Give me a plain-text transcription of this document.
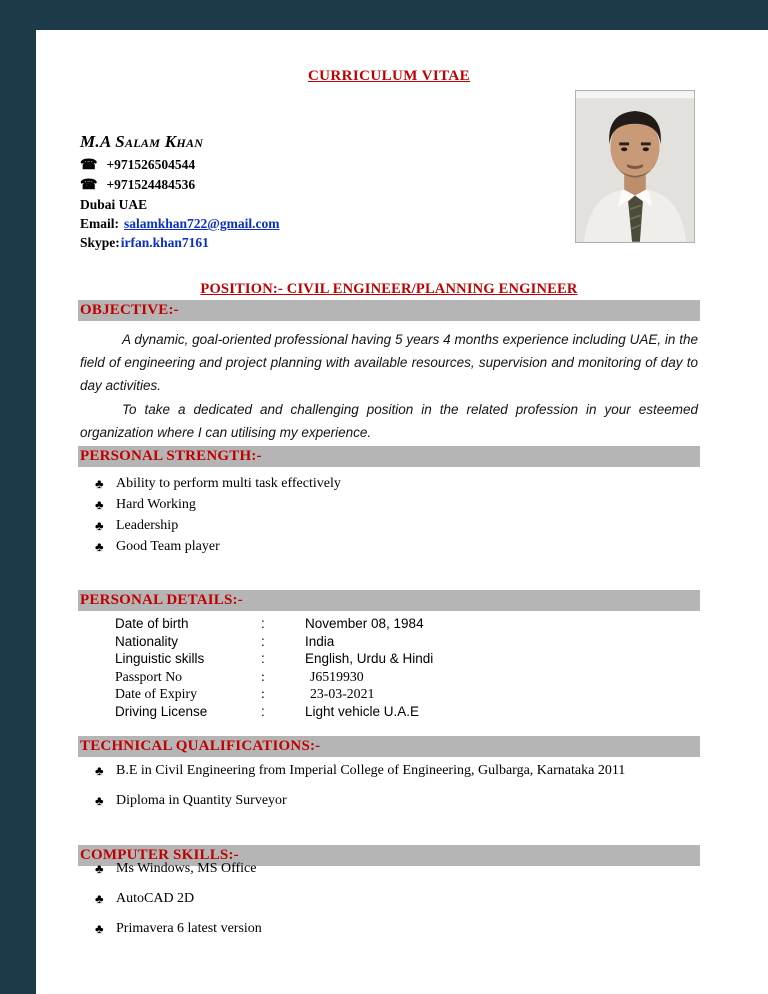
CURRICULUM VITAE
M.A Salam Khan
☎ +971526504544
☎ +971524484536
Dubai UAE
Email: salamkhan722@gmail.com
Skype:irfan.khan7161
POSITION:- CIVIL ENGINEER/PLANNING ENGINEER
OBJECTIVE:-

A dynamic, goal-oriented professional having 5 years 4 months experience including UAE, in the field of engineering and project planning with available resources, supervision and monitoring of day to day activities.

To take a dedicated and challenging position in the related profession in your esteemed organization where I can utilising my experience.

PERSONAL STRENGTH:-
♣ Ability to perform multi task effectively
♣ Hard Working
♣ Leadership
♣ Good Team player
PERSONAL DETAILS:-
Date of birth	:	November 08, 1984
Nationality	:	India
Linguistic skills	:	English, Urdu & Hindi
Passport No	:	J6519930
Date of Expiry	:	23-03-2021
Driving License	:	Light vehicle U.A.E
TECHNICAL QUALIFICATIONS:-
♣ B.E in Civil Engineering from Imperial College of Engineering, Gulbarga, Karnataka 2011
♣ Diploma in Quantity Surveyor
COMPUTER SKILLS:-
♣ Ms Windows, MS Office
♣ AutoCAD 2D
♣ Primavera 6 latest version
